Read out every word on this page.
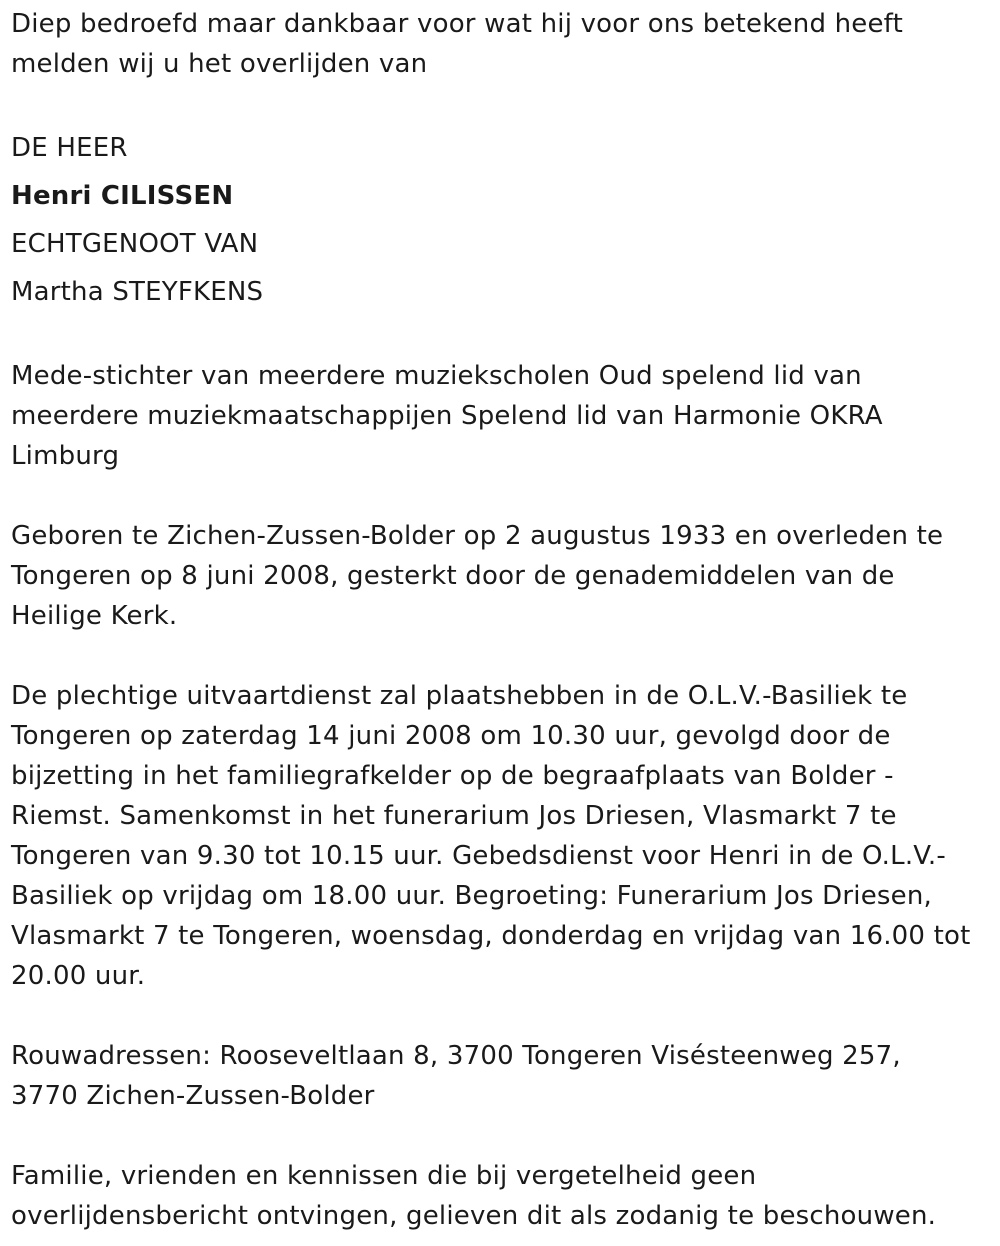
Diep bedroefd maar dankbaar voor wat hij voor ons betekend heeft melden wij u het overlijden van

DE HEER

Henri CILISSEN

ECHTGENOOT VAN

Martha STEYFKENS

Mede-stichter van meerdere muziekscholen Oud spelend lid van meerdere muziekmaatschappijen Spelend lid van Harmonie OKRA Limburg

Geboren te Zichen-Zussen-Bolder op 2 augustus 1933 en overleden te Tongeren op 8 juni 2008, gesterkt door de genademiddelen van de Heilige Kerk.

De plechtige uitvaartdienst zal plaatshebben in de O.L.V.-Basiliek te Tongeren op zaterdag 14 juni 2008 om 10.30 uur, gevolgd door de bijzetting in het familiegrafkelder op de begraafplaats van Bolder - Riemst. Samenkomst in het funerarium Jos Driesen, Vlasmarkt 7 te Tongeren van 9.30 tot 10.15 uur. Gebedsdienst voor Henri in de O.L.V.-Basiliek op vrijdag om 18.00 uur. Begroeting: Funerarium Jos Driesen, Vlasmarkt 7 te Tongeren, woensdag, donderdag en vrijdag van 16.00 tot 20.00 uur.

Rouwadressen: Rooseveltlaan 8, 3700 Tongeren Visésteenweg 257, 3770 Zichen-Zussen-Bolder

Familie, vrienden en kennissen die bij vergetelheid geen overlijdensbericht ontvingen, gelieven dit als zodanig te beschouwen.
